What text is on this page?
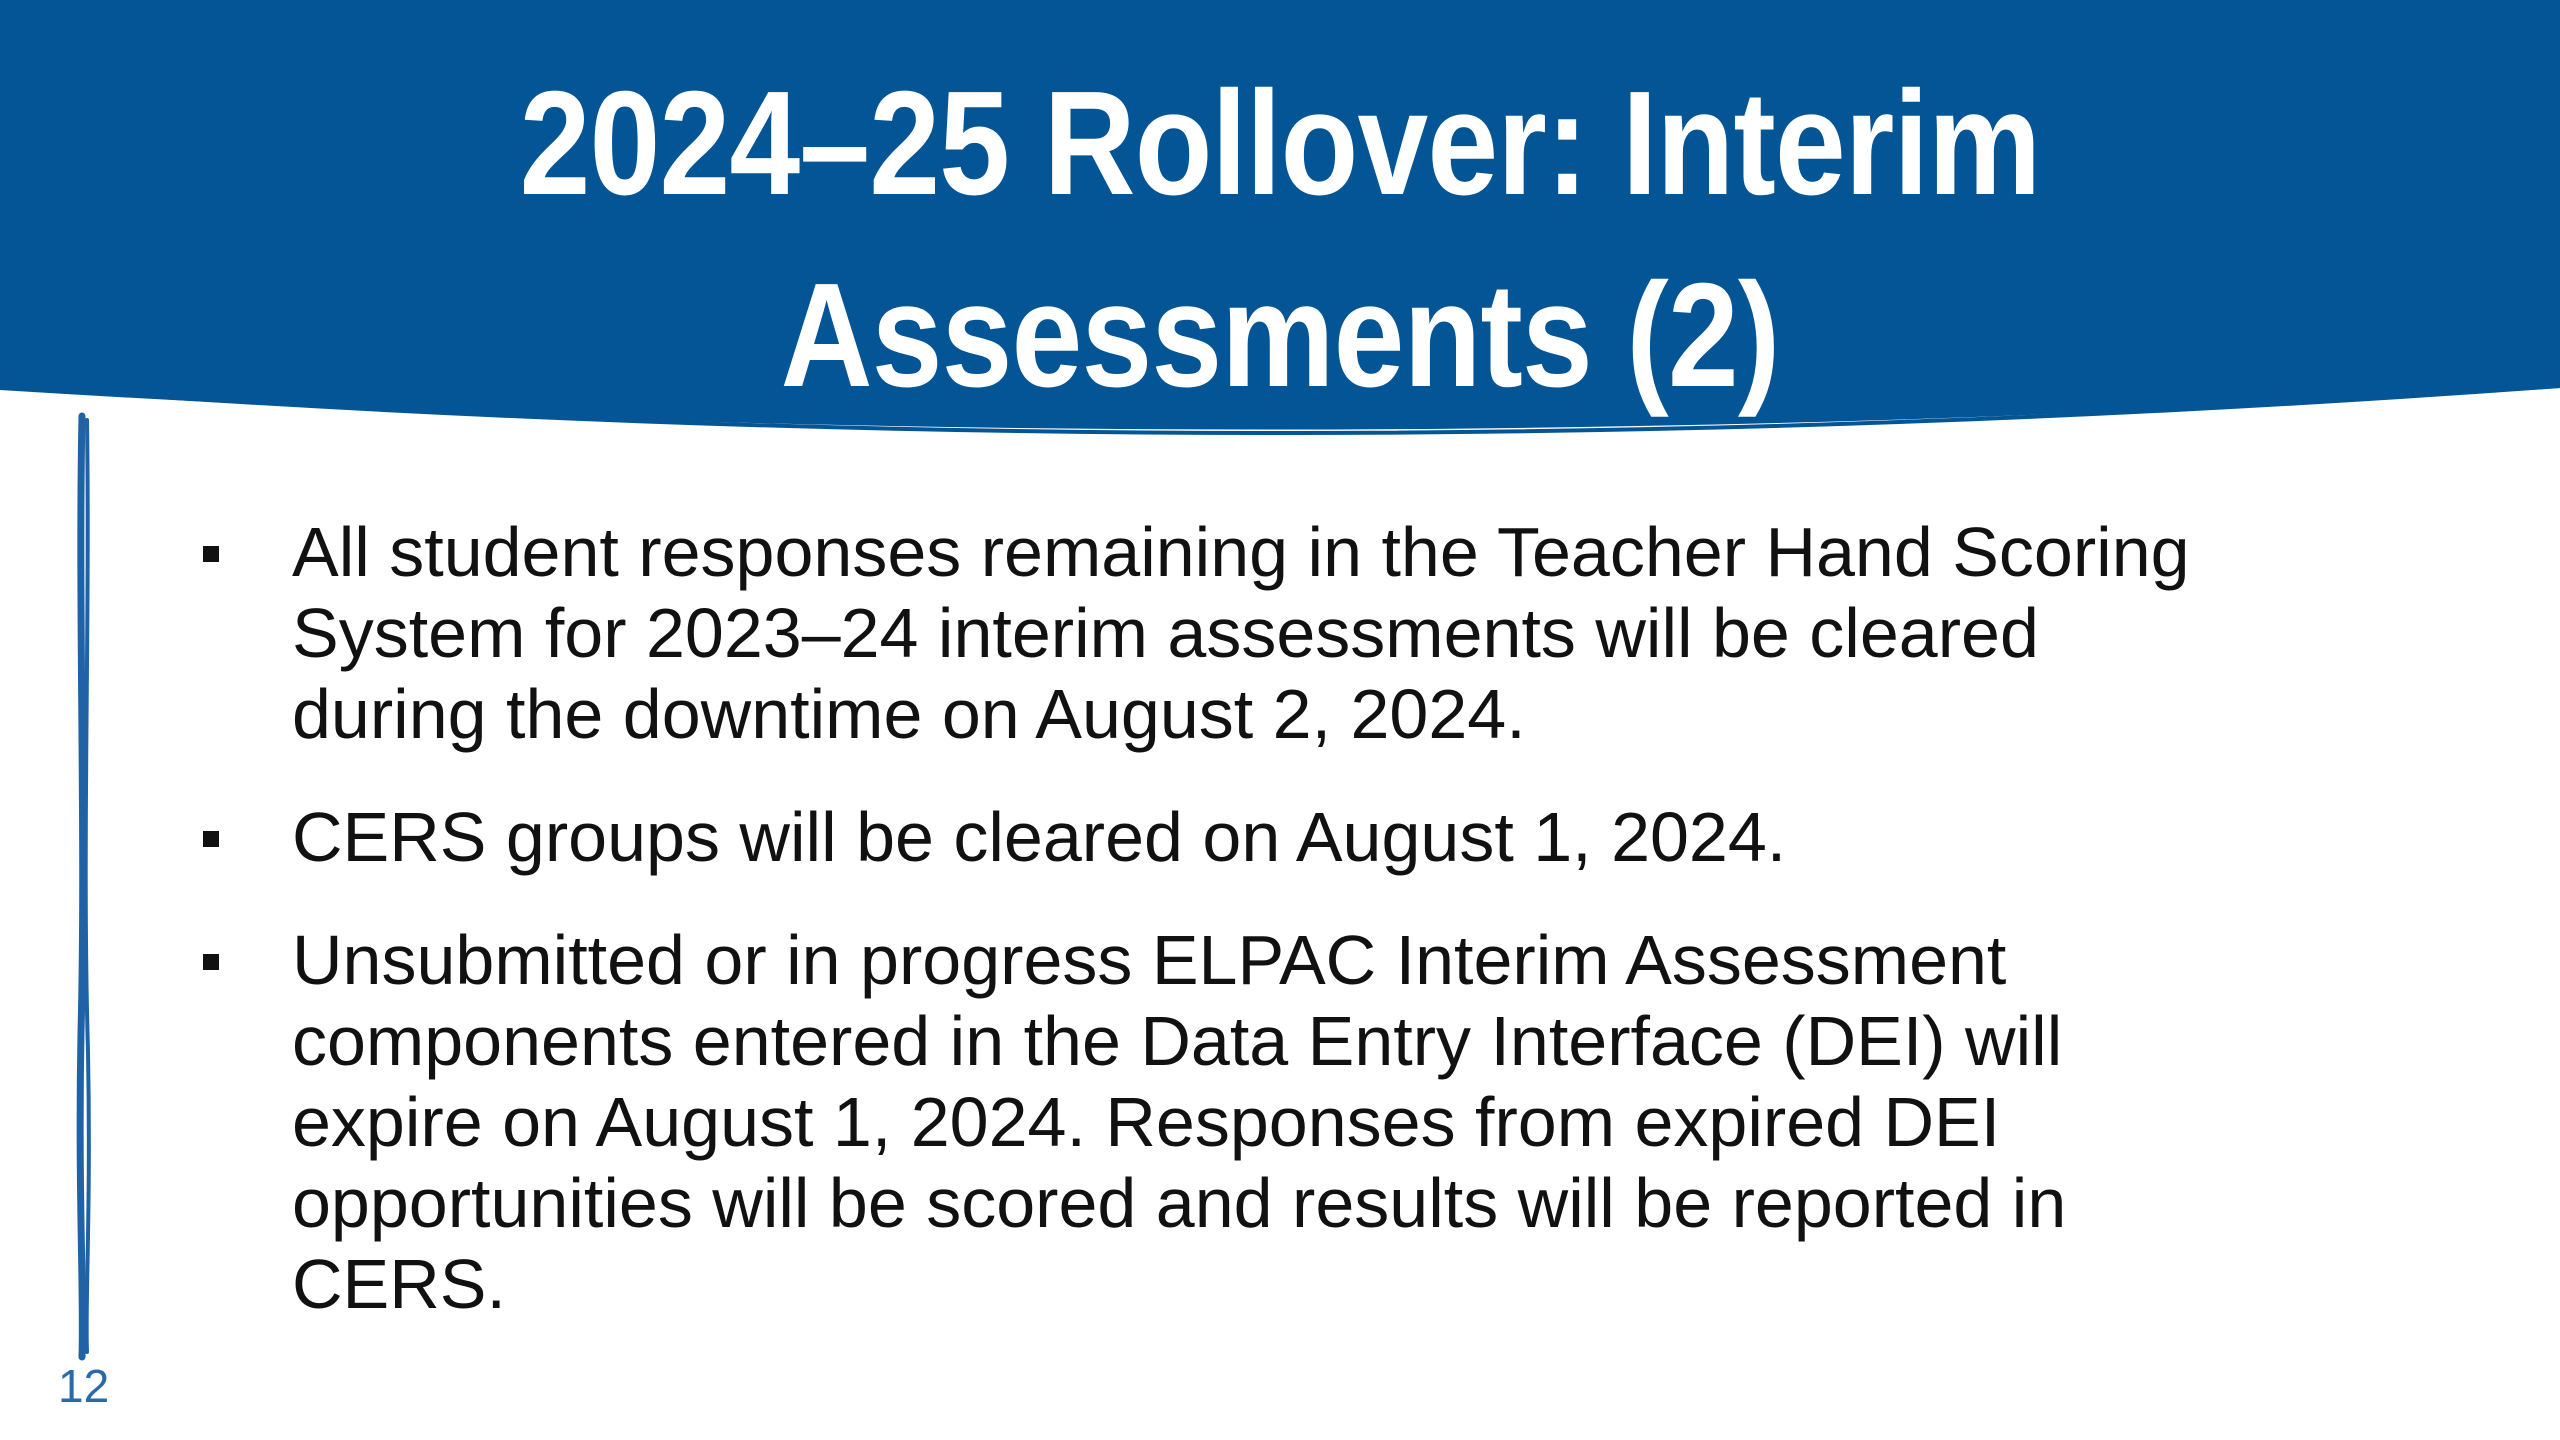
2024–25 Rollover: Interim
Assessments (2)
All student responses remaining in the Teacher Hand Scoring
System for 2023–24 interim assessments will be cleared
during the downtime on August 2, 2024.
CERS groups will be cleared on August 1, 2024.
Unsubmitted or in progress ELPAC Interim Assessment
components entered in the Data Entry Interface (DEI) will
expire on August 1, 2024. Responses from expired DEI
opportunities will be scored and results will be reported in
CERS.
12
